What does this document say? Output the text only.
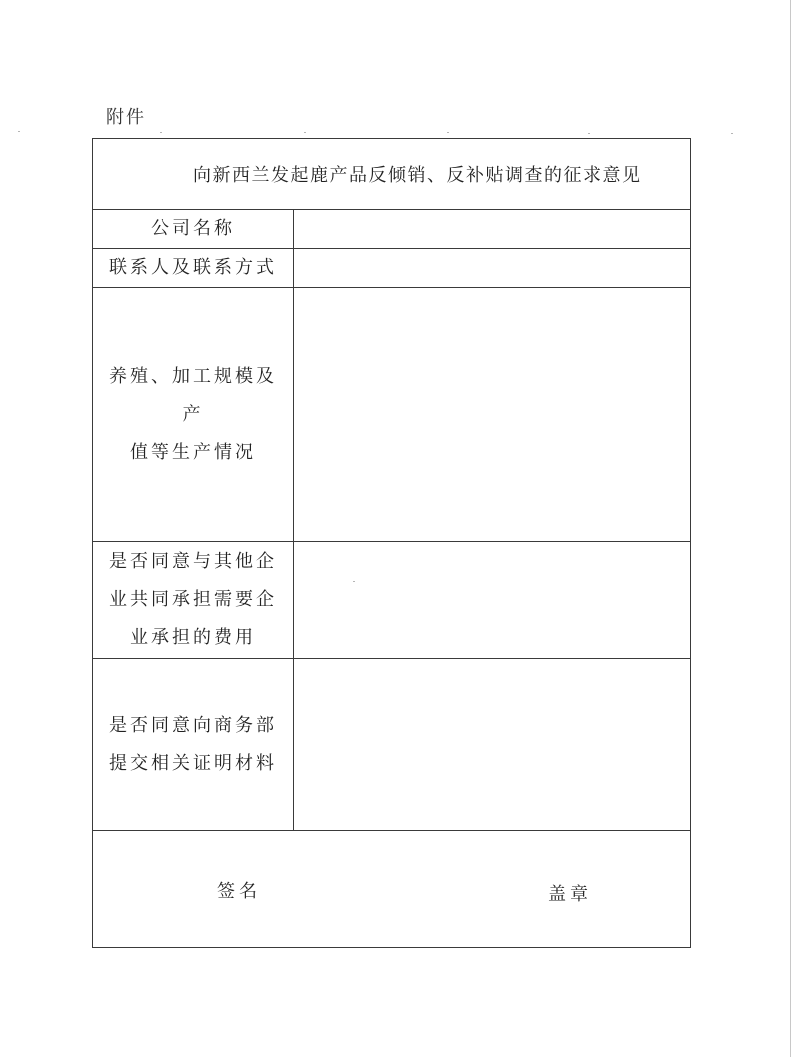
附件
向新西兰发起鹿产品反倾销、反补贴调查的征求意见
公司名称
联系人及联系方式
养殖、加工规模及产
值等生产情况
是否同意与其他企
业共同承担需要企
业承担的费用
是否同意向商务部
提交相关证明材料
签名	盖章
